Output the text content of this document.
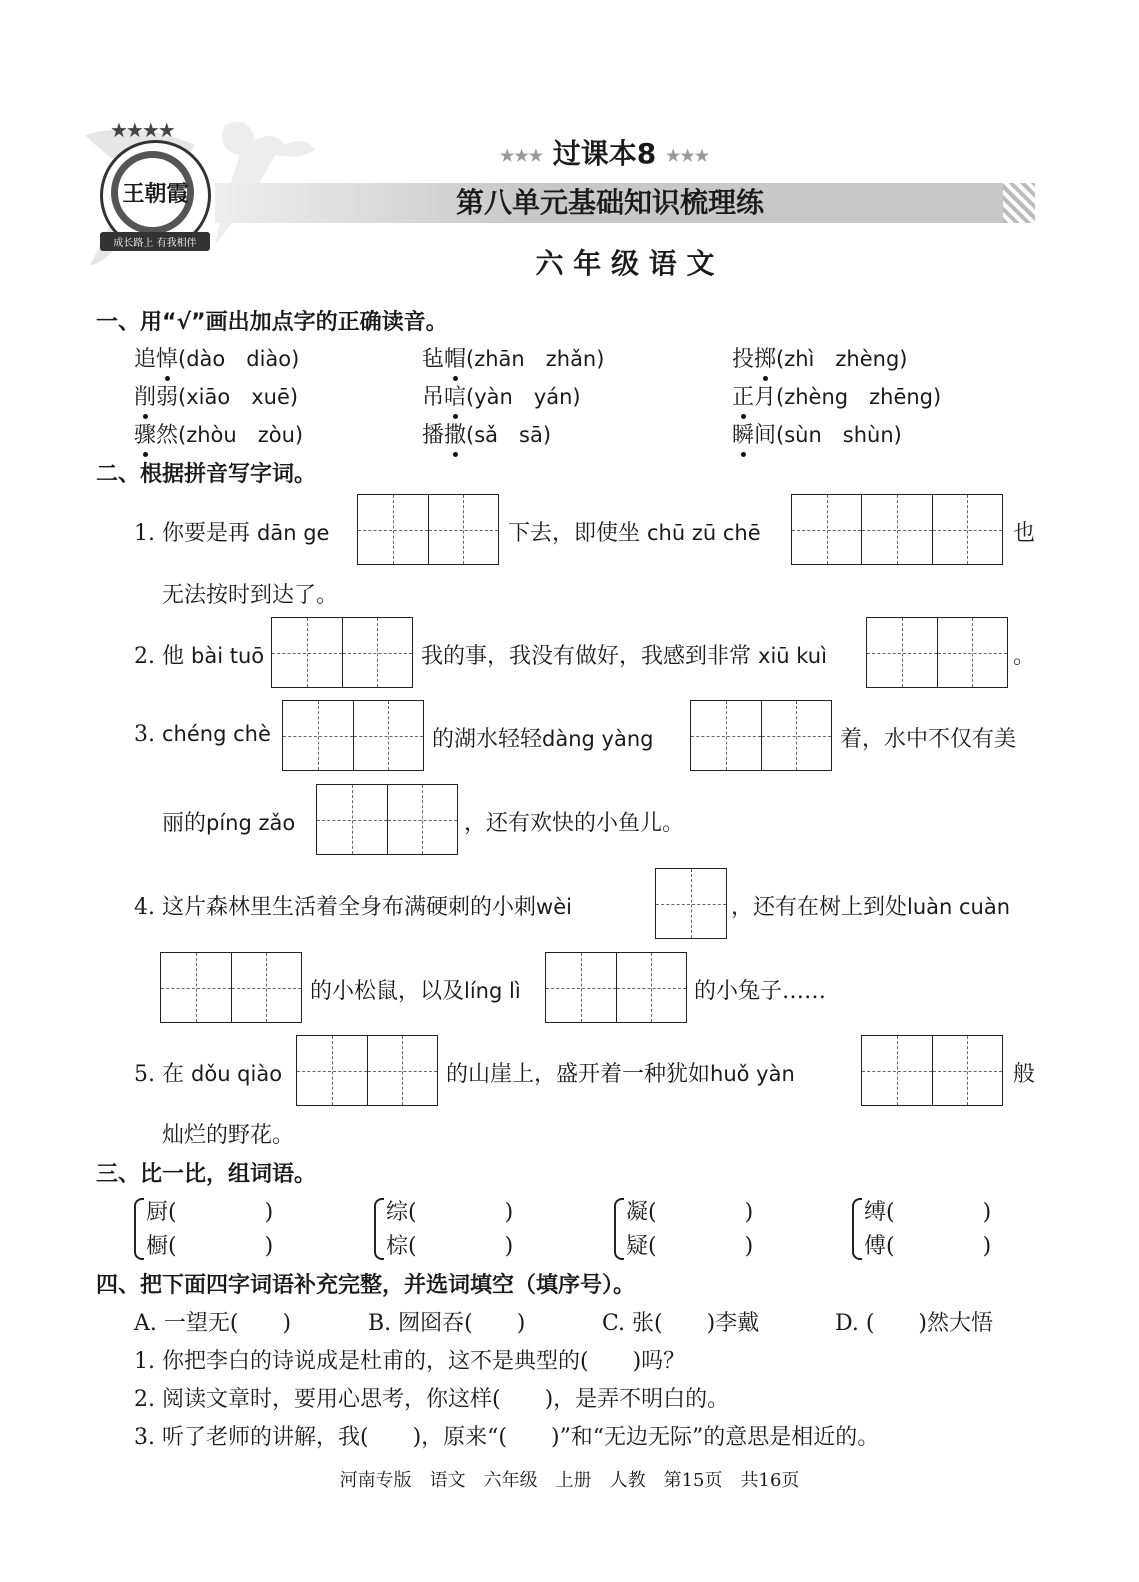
王朝霞
★★★★
成长路上 有我相伴
★★★ 过课本8 ★★★
第八单元基础知识梳理练
六 年 级 语 文
一、用“√”画出加点字的正确读音。
追悼(dào　diào)	毡帽(zhān　zhǎn)	投掷(zhì　zhèng)
削弱(xiāo　xuē)	吊唁(yàn　yán)	正月(zhèng　zhēng)
骤然(zhòu　zòu)	播撒(sǎ　sā)	瞬间(sùn　shùn)
二、根据拼音写字词。
1. 你要是再 dān ge	下去，即使坐 chū zū chē	也
无法按时到达了。
2. 他 bài tuō	我的事，我没有做好，我感到非常 xiū kuì	。
3. chéng chè	的湖水轻轻dàng yàng	着，水中不仅有美
丽的píng zǎo	，还有欢快的小鱼儿。
4. 这片森林里生活着全身布满硬刺的小刺wèi	，还有在树上到处luàn cuàn
的小松鼠，以及líng lì	的小兔子……
5. 在 dǒu qiào	的山崖上，盛开着一种犹如huǒ yàn	般
灿烂的野花。
三、比一比，组词语。
厨(　　　　)
橱(　　　　)
综(　　　　)
棕(　　　　)
凝(　　　　)
疑(　　　　)
缚(　　　　)
傅(　　　　)
四、把下面四字词语补充完整，并选词填空（填序号）。
A. 一望无(　　)	B. 囫囵吞(　　)	C. 张(　　)李戴	D. (　　)然大悟
1. 你把李白的诗说成是杜甫的，这不是典型的(　　)吗？
2. 阅读文章时，要用心思考，你这样(　　)，是弄不明白的。
3. 听了老师的讲解，我(　　)，原来“(　　)”和“无边无际”的意思是相近的。
河南专版　语文　六年级　上册　人教　第15页　共16页
